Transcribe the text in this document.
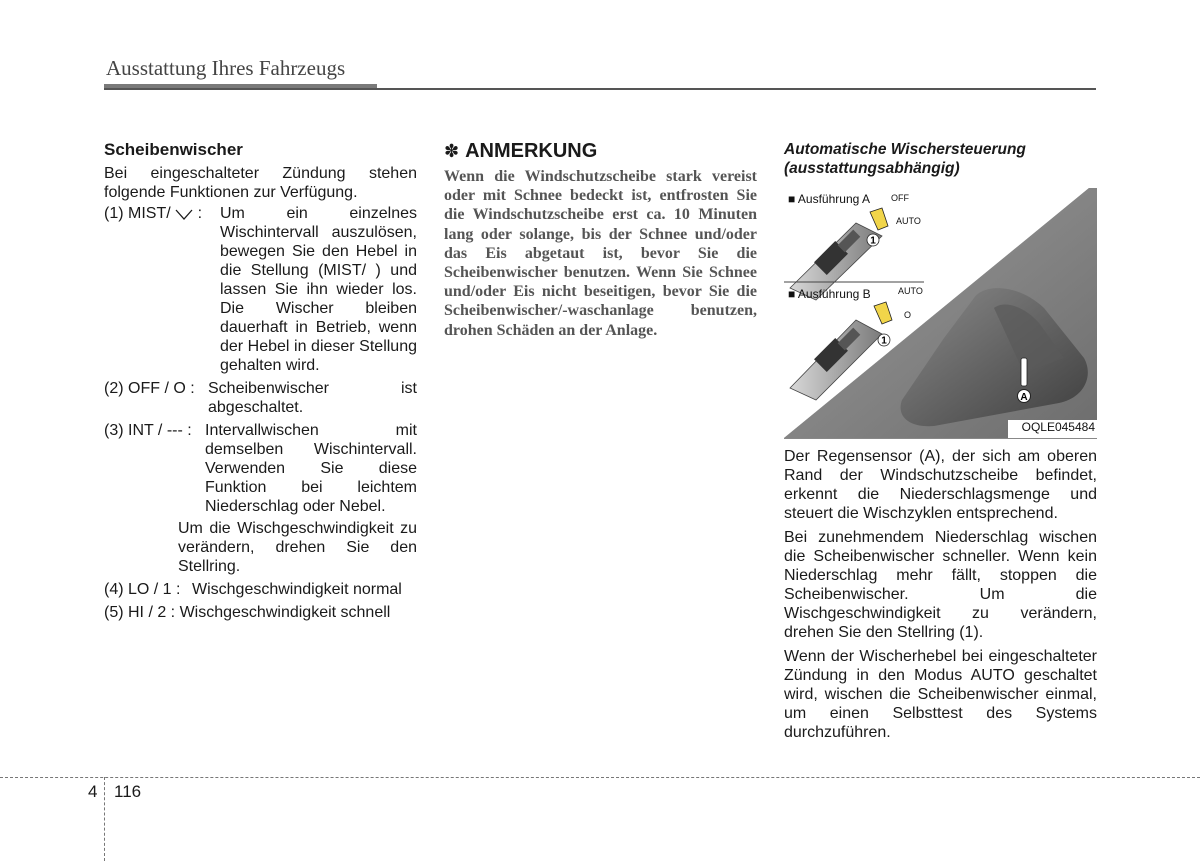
Ausstattung Ihres Fahrzeugs
Scheibenwischer

Bei eingeschalteter Zündung stehen folgende Funktionen zur Verfügung.

(1) MIST/  : Um ein einzelnes Wischintervall auszulösen, bewegen Sie den Hebel in die Stellung (MIST/ ) und lassen Sie ihn wieder los. Die Wischer bleiben dauerhaft in Betrieb, wenn der Hebel in dieser Stellung gehalten wird.
(2) OFF / O : Scheibenwischer ist abgeschaltet.
(3) INT / --- : Intervallwischen mit demselben Wischintervall. Verwenden Sie diese Funktion bei leichtem Niederschlag oder Nebel.
Um die Wischgeschwindigkeit zu verändern, drehen Sie den Stellring.
(4) LO / 1 : Wischgeschwindigkeit normal
(5) HI / 2 : Wischgeschwindigkeit schnell
✽ ANMERKUNG

Wenn die Windschutzscheibe stark vereist oder mit Schnee bedeckt ist, entfrosten Sie die Windschutzscheibe erst ca. 10 Minuten lang oder solange, bis der Schnee und/oder das Eis abgetaut ist, bevor Sie die Scheibenwischer benutzen. Wenn Sie Schnee und/oder Eis nicht beseitigen, bevor Sie die Scheibenwischer/-waschanlage benutzen, drohen Schäden an der Anlage.

Automatische Wischersteuerung (ausstattungsabhängig)
A
■ Ausführung A OFF
AUTO
1
■ Ausführung B	AUTO
O
1
OQLE045484

Der Regensensor (A), der sich am oberen Rand der Windschutzscheibe befindet, erkennt die Niederschlagsmenge und steuert die Wischzyklen entsprechend.

Bei zunehmendem Niederschlag wischen die Scheibenwischer schneller. Wenn kein Niederschlag mehr fällt, stoppen die Scheibenwischer. Um die Wischgeschwindigkeit zu verändern, drehen Sie den Stellring (1).

Wenn der Wischerhebel bei eingeschalteter Zündung in den Modus AUTO geschaltet wird, wischen die Scheibenwischer einmal, um einen Selbsttest des Systems durchzuführen.

4 116
